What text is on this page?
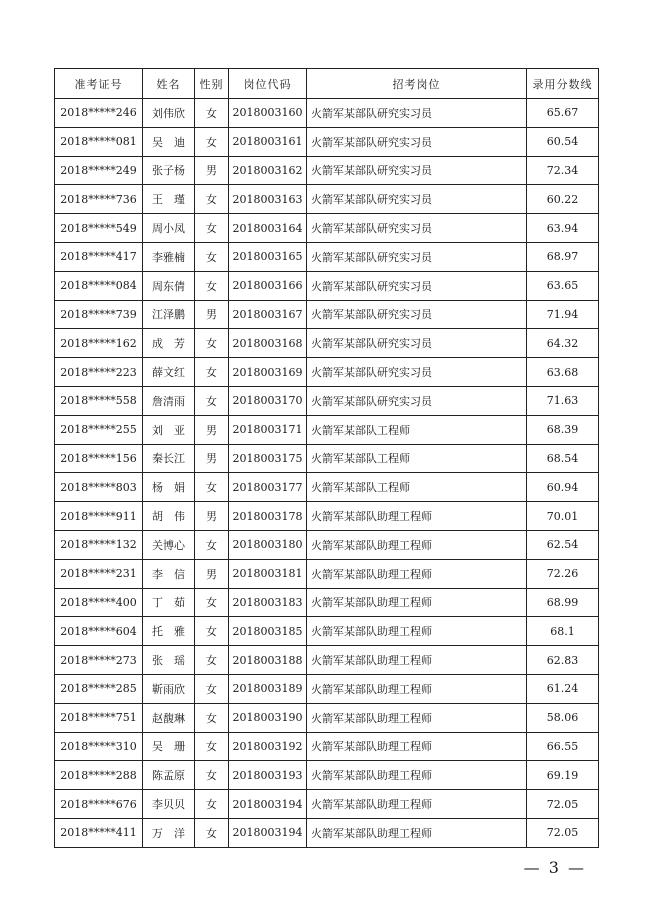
准考证号	姓名	性别	岗位代码	招考岗位	录用分数线
2018*****246	刘伟欣	女	2018003160	火箭军某部队研究实习员	65.67
2018*****081	吴　迪	女	2018003161	火箭军某部队研究实习员	60.54
2018*****249	张子杨	男	2018003162	火箭军某部队研究实习员	72.34
2018*****736	王　瑾	女	2018003163	火箭军某部队研究实习员	60.22
2018*****549	周小凤	女	2018003164	火箭军某部队研究实习员	63.94
2018*****417	李雅楠	女	2018003165	火箭军某部队研究实习员	68.97
2018*****084	周东倩	女	2018003166	火箭军某部队研究实习员	63.65
2018*****739	江泽鹏	男	2018003167	火箭军某部队研究实习员	71.94
2018*****162	成　芳	女	2018003168	火箭军某部队研究实习员	64.32
2018*****223	薛文红	女	2018003169	火箭军某部队研究实习员	63.68
2018*****558	詹清雨	女	2018003170	火箭军某部队研究实习员	71.63
2018*****255	刘　亚	男	2018003171	火箭军某部队工程师	68.39
2018*****156	秦长江	男	2018003175	火箭军某部队工程师	68.54
2018*****803	杨　娟	女	2018003177	火箭军某部队工程师	60.94
2018*****911	胡　伟	男	2018003178	火箭军某部队助理工程师	70.01
2018*****132	关博心	女	2018003180	火箭军某部队助理工程师	62.54
2018*****231	李　信	男	2018003181	火箭军某部队助理工程师	72.26
2018*****400	丁　茹	女	2018003183	火箭军某部队助理工程师	68.99
2018*****604	托　雅	女	2018003185	火箭军某部队助理工程师	68.1
2018*****273	张　瑶	女	2018003188	火箭军某部队助理工程师	62.83
2018*****285	靳雨欣	女	2018003189	火箭军某部队助理工程师	61.24
2018*****751	赵馥琳	女	2018003190	火箭军某部队助理工程师	58.06
2018*****310	吴　珊	女	2018003192	火箭军某部队助理工程师	66.55
2018*****288	陈孟原	女	2018003193	火箭军某部队助理工程师	69.19
2018*****676	李贝贝	女	2018003194	火箭军某部队助理工程师	72.05
2018*****411	万　洋	女	2018003194	火箭军某部队助理工程师	72.05
— 3 —
